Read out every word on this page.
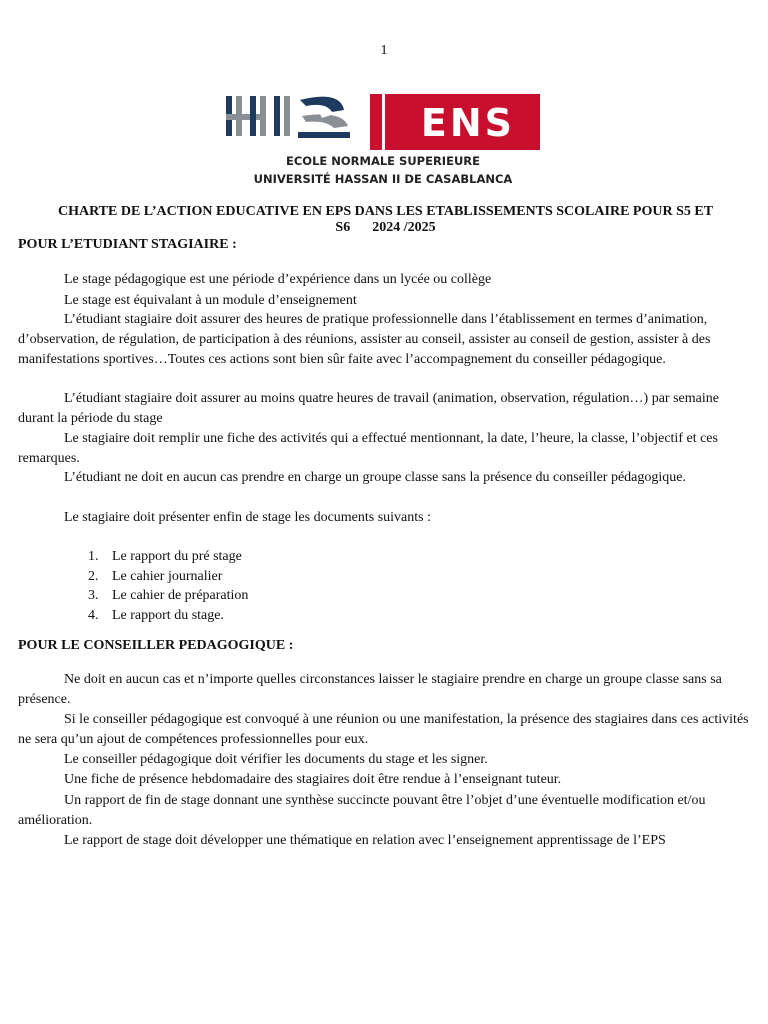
1
ENS
ECOLE NORMALE SUPERIEURE
UNIVERSITÉ HASSAN II DE CASABLANCA
CHARTE DE L’ACTION EDUCATIVE EN EPS DANS LES ETABLISSEMENTS SCOLAIRE POUR S5 ET
S6 2024 /2025
POUR L’ETUDIANT STAGIAIRE :

Le stage pédagogique est une période d’expérience dans un lycée ou collège

Le stage est équivalant à un module d’enseignement

L’étudiant stagiaire doit assurer des heures de pratique professionnelle dans l’établissement en termes d’animation, d’observation, de régulation, de participation à des réunions, assister au conseil, assister au conseil de gestion, assister à des manifestations sportives…Toutes ces actions sont bien sûr faite avec l’accompagnement du conseiller pédagogique.

L’étudiant stagiaire doit assurer au moins quatre heures de travail (animation, observation, régulation…) par semaine durant la période du stage

Le stagiaire doit remplir une fiche des activités qui a effectué mentionnant, la date, l’heure, la classe, l’objectif et ces remarques.

L’étudiant ne doit en aucun cas prendre en charge un groupe classe sans la présence du conseiller pédagogique.

Le stagiaire doit présenter enfin de stage les documents suivants :

1. Le rapport du pré stage
2. Le cahier journalier
3. Le cahier de préparation
4. Le rapport du stage.
POUR LE CONSEILLER PEDAGOGIQUE :

Ne doit en aucun cas et n’importe quelles circonstances laisser le stagiaire prendre en charge un groupe classe sans sa présence.

Si le conseiller pédagogique est convoqué à une réunion ou une manifestation, la présence des stagiaires dans ces activités ne sera qu’un ajout de compétences professionnelles pour eux.

Le conseiller pédagogique doit vérifier les documents du stage et les signer.

Une fiche de présence hebdomadaire des stagiaires doit être rendue à l’enseignant tuteur.

Un rapport de fin de stage donnant une synthèse succincte pouvant être l’objet d’une éventuelle modification et/ou amélioration.

Le rapport de stage doit développer une thématique en relation avec l’enseignement apprentissage de l’EPS
